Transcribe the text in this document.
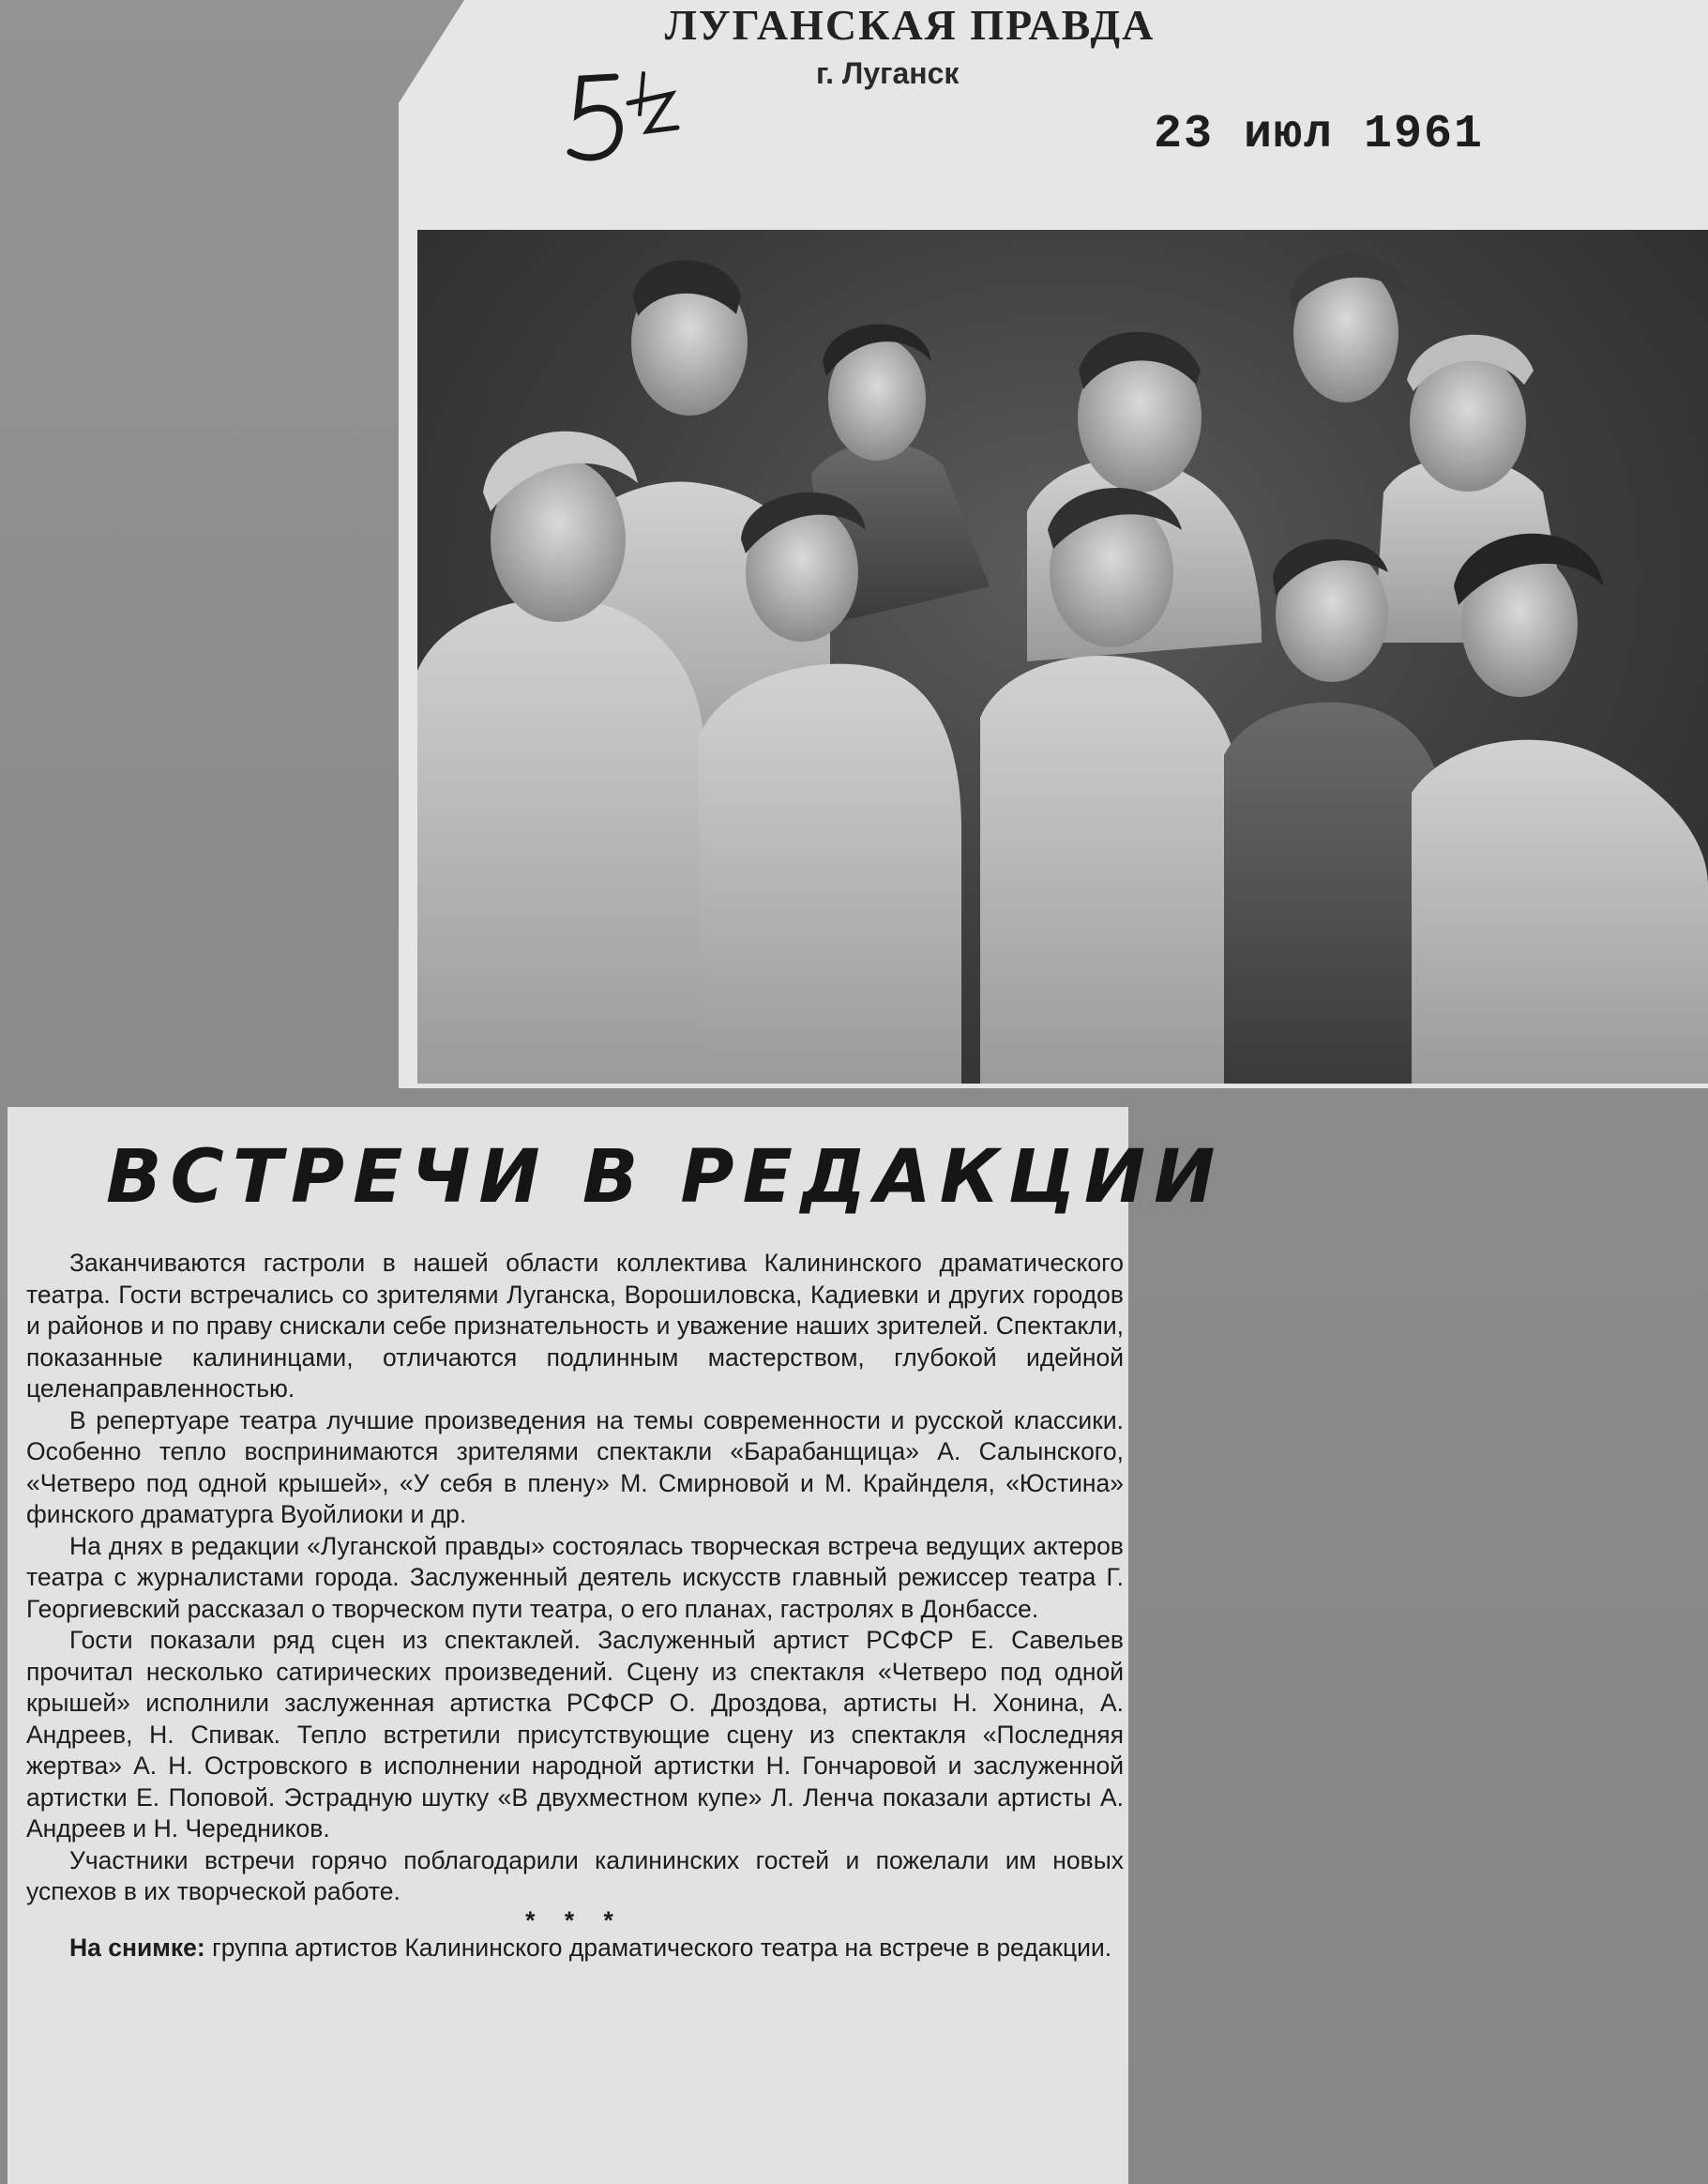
ЛУГАНСКАЯ ПРАВДА
г. Луганск
23 июл 1961
ВСТРЕЧИ В РЕДАКЦИИ

Заканчиваются гастроли в нашей области коллектива Калининского драматического театра. Гости встречались со зрителями Луганска, Ворошиловска, Кадиевки и других городов и районов и по праву снискали себе признательность и уважение наших зрителей. Спектакли, показанные калининцами, отличаются подлинным мастерством, глубокой идейной целенаправленностью.

В репертуаре театра лучшие произведения на темы современности и русской классики. Особенно тепло воспринимаются зрителями спектакли «Барабанщица» А. Салынского, «Четверо под одной крышей», «У себя в плену» М. Смирновой и М. Крайнделя, «Юстина» финского драматурга Вуойлиоки и др.

На днях в редакции «Луганской правды» состоялась творческая встреча ведущих актеров театра с журналистами города. Заслуженный деятель искусств главный режиссер театра Г. Георгиевский рассказал о творческом пути театра, о его планах, гастролях в Донбассе.

Гости показали ряд сцен из спектаклей. Заслуженный артист РСФСР Е. Савельев прочитал несколько сатирических произведений. Сцену из спектакля «Четверо под одной крышей» исполнили заслуженная артистка РСФСР О. Дроздова, артисты Н. Хонина, А. Андреев, Н. Спивак. Тепло встретили присутствующие сцену из спектакля «Последняя жертва» А. Н. Островского в исполнении народной артистки Н. Гончаровой и заслуженной артистки Е. Поповой. Эстрадную шутку «В двухместном купе» Л. Ленча показали артисты А. Андреев и Н. Чередников.

Участники встречи горячо поблагодарили калининских гостей и пожелали им новых успехов в их творческой работе.

* * *

На снимке: группа артистов Калининского драматического театра на встрече в редакции.
